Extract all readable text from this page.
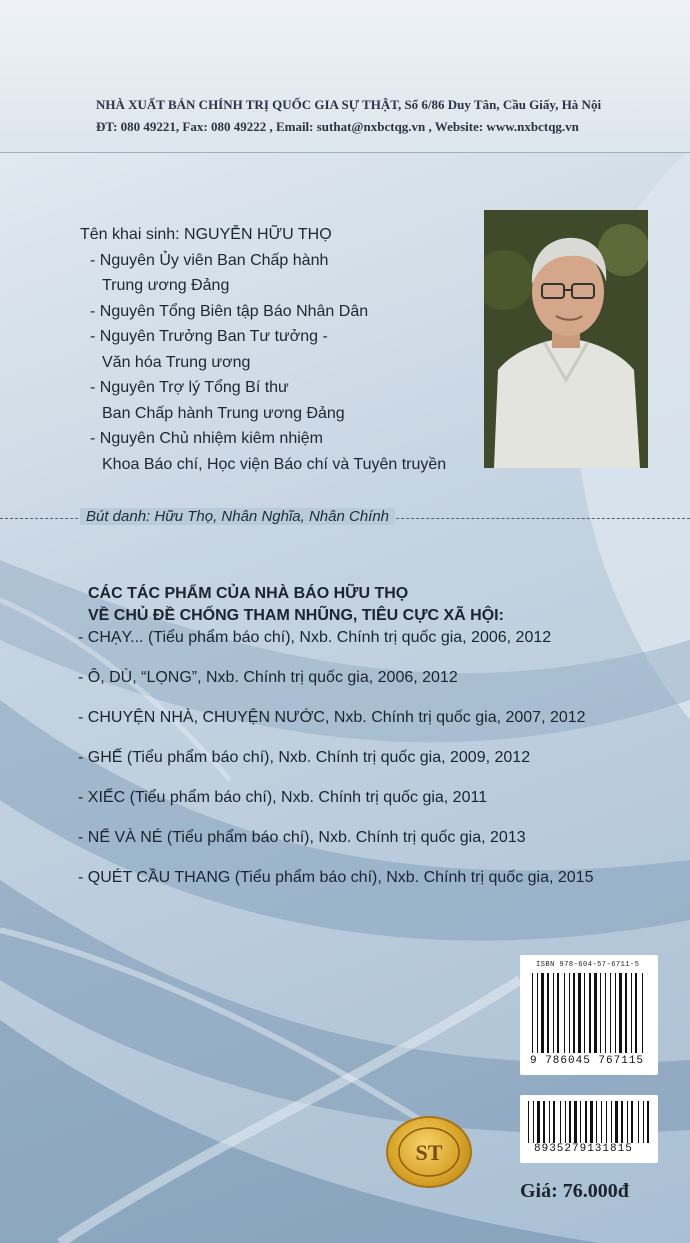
NHÀ XUẤT BẢN CHÍNH TRỊ QUỐC GIA SỰ THẬT, Số 6/86 Duy Tân, Cầu Giấy, Hà Nội
ĐT: 080 49221, Fax: 080 49222 , Email: suthat@nxbctqg.vn , Website: www.nxbctqg.vn
Tên khai sinh: NGUYỄN HỮU THỌ
- Nguyên Ủy viên Ban Chấp hành
Trung ương Đảng
- Nguyên Tổng Biên tập Báo Nhân Dân
- Nguyên Trưởng Ban Tư tưởng -
Văn hóa Trung ương
- Nguyên Trợ lý Tổng Bí thư
Ban Chấp hành Trung ương Đảng
- Nguyên Chủ nhiệm kiêm nhiệm
Khoa Báo chí, Học viện Báo chí và Tuyên truyền
Bút danh: Hữu Thọ, Nhân Nghĩa, Nhân Chính
CÁC TÁC PHẨM CỦA NHÀ BÁO HỮU THỌ
VỀ CHỦ ĐỀ CHỐNG THAM NHŨNG, TIÊU CỰC XÃ HỘI:
- CHẠY... (Tiểu phẩm báo chí), Nxb. Chính trị quốc gia, 2006, 2012
- Ô, DÙ, “LỌNG”, Nxb. Chính trị quốc gia, 2006, 2012
- CHUYỆN NHÀ, CHUYỆN NƯỚC, Nxb. Chính trị quốc gia, 2007, 2012
- GHẾ (Tiểu phẩm báo chí), Nxb. Chính trị quốc gia, 2009, 2012
- XIẾC (Tiểu phẩm báo chí), Nxb. Chính trị quốc gia, 2011
- NỂ VÀ NÉ (Tiểu phẩm báo chí), Nxb. Chính trị quốc gia, 2013
- QUÉT CẦU THANG (Tiểu phẩm báo chí), Nxb. Chính trị quốc gia, 2015
ISBN 978-604-57-6711-5
9 786045 767115
8935279131815
ST
Giá: 76.000đ
